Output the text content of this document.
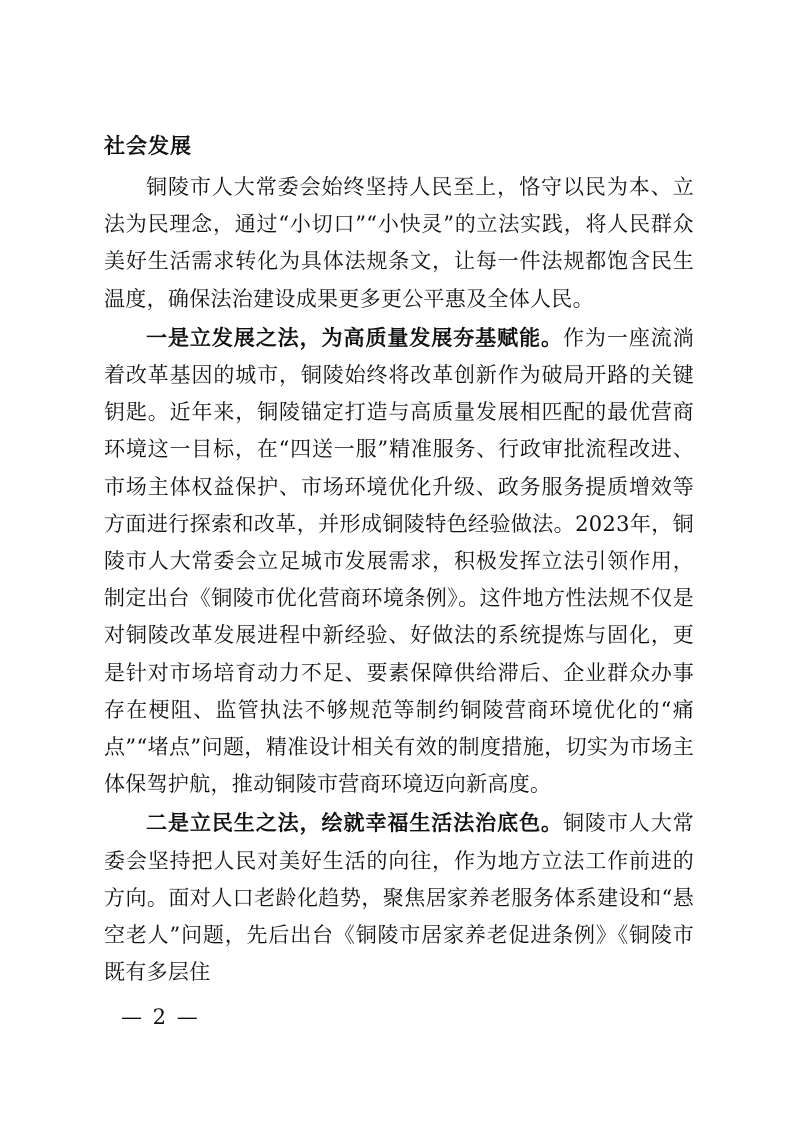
社会发展

铜陵市人大常委会始终坚持人民至上，恪守以民为本、立法为民理念，通过“小切口”“小快灵”的立法实践，将人民群众美好生活需求转化为具体法规条文，让每一件法规都饱含民生温度，确保法治建设成果更多更公平惠及全体人民。

一是立发展之法，为高质量发展夯基赋能。作为一座流淌着改革基因的城市，铜陵始终将改革创新作为破局开路的关键钥匙。近年来，铜陵锚定打造与高质量发展相匹配的最优营商环境这一目标，在“四送一服”精准服务、行政审批流程改进、市场主体权益保护、市场环境优化升级、政务服务提质增效等方面进行探索和改革，并形成铜陵特色经验做法。2023年，铜陵市人大常委会立足城市发展需求，积极发挥立法引领作用，制定出台《铜陵市优化营商环境条例》。这件地方性法规不仅是对铜陵改革发展进程中新经验、好做法的系统提炼与固化，更是针对市场培育动力不足、要素保障供给滞后、企业群众办事存在梗阻、监管执法不够规范等制约铜陵营商环境优化的“痛点”“堵点”问题，精准设计相关有效的制度措施，切实为市场主体保驾护航，推动铜陵市营商环境迈向新高度。

二是立民生之法，绘就幸福生活法治底色。铜陵市人大常委会坚持把人民对美好生活的向往，作为地方立法工作前进的方向。面对人口老龄化趋势，聚焦居家养老服务体系建设和“悬空老人”问题，先后出台《铜陵市居家养老促进条例》《铜陵市既有多层住

— 2 —
